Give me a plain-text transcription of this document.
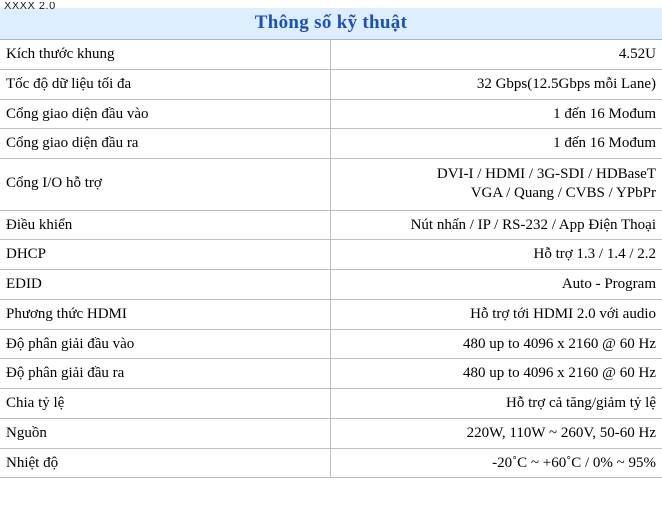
XXXX 2.0
Thông số kỹ thuật	
Kích thước khung	4.52U

Tốc độ dữ liệu tối đa	32 Gbps(12.5Gbps mỗi Lane)

Cổng giao diện đầu vào	1 đến 16 Mođum

Cổng giao diện đầu ra	1 đến 16 Mođum

Cổng I/O hỗ trợ	DVI-I / HDMI / 3G-SDI / HDBaseT
VGA / Quang / CVBS / YPbPr

Điều khiển	Nút nhấn / IP / RS-232 / App Điện Thoại

DHCP	Hỗ trợ 1.3 / 1.4 / 2.2

EDID	Auto - Program

Phương thức HDMI	Hỗ trợ tới HDMI 2.0 với audio

Độ phân giải đầu vào	480 up to 4096 x 2160 @ 60 Hz

Độ phân giải đầu ra	480 up to 4096 x 2160 @ 60 Hz

Chia tỷ lệ	Hỗ trợ cả tăng/giảm tỷ lệ

Nguồn	220W, 110W ~ 260V, 50-60 Hz

Nhiệt độ	-20˚C ~ +60˚C / 0% ~ 95%
